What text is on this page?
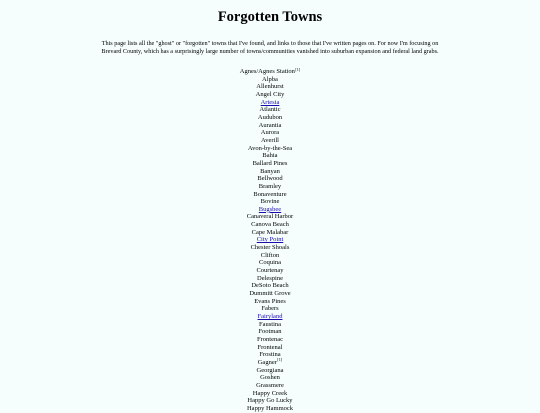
Forgotten Towns

This page lists all the "ghost" or "forgotten" towns that I've found, and links to those that I've written pages on. For now I'm focusing on Brevard County, which has a surprisingly large number of towns/communities vanished into suburban expansion and federal land grabs.

Agnes/Agnes Station[1]
Alpba
Allenhurst
Angel City
Artesia
Atlantic
Audubon
Aurantia
Aurora
Averill
Avon-by-the-Sea
Bahia
Ballard Pines
Banyan
Bellwood
Bramley
Bonaventure
Bovine
Bugsbee
Canaveral Harbor
Canova Beach
Cape Malabar
City Point
Chester Shoals
Clifton
Coquina
Courtenay
Delespine
DeSoto Beach
Dummitt Grove
Evans Pines
Fabers
Fairyland
Faustina
Footman
Frontenac
Frontenal
Frostina
Gagner[1]
Georgiana
Goshen
Grassmere
Happy Creek
Happy Go Lucky
Happy Hammock
